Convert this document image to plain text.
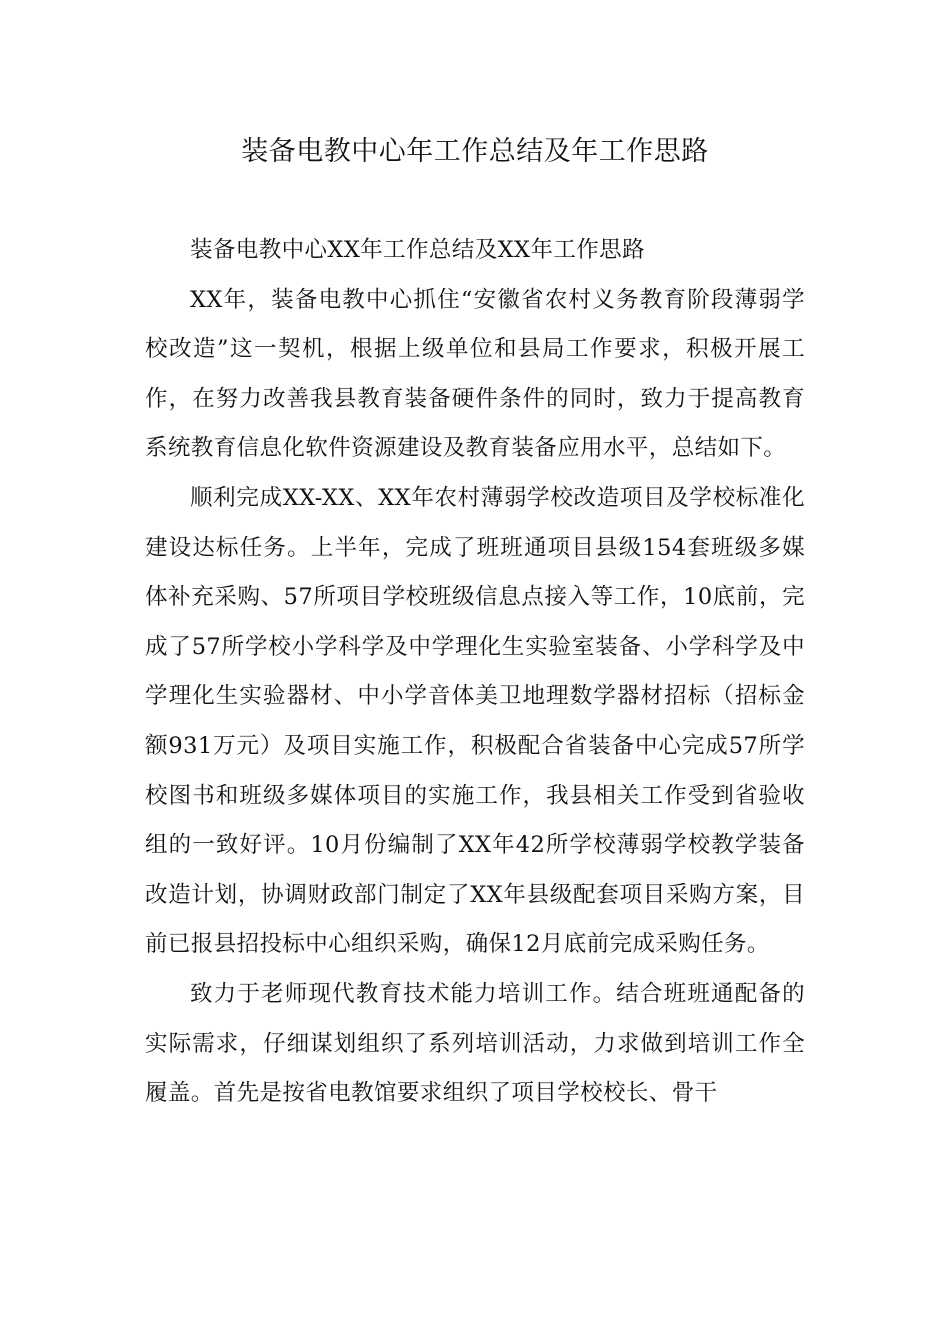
装备电教中心年工作总结及年工作思路

装备电教中心XX年工作总结及XX年工作思路

XX年，装备电教中心抓住“安徽省农村义务教育阶段薄弱学校改造”这一契机，根据上级单位和县局工作要求，积极开展工作，在努力改善我县教育装备硬件条件的同时，致力于提高教育系统教育信息化软件资源建设及教育装备应用水平，总结如下。

顺利完成XX-XX、XX年农村薄弱学校改造项目及学校标准化建设达标任务。上半年，完成了班班通项目县级154套班级多媒体补充采购、57所项目学校班级信息点接入等工作，10底前，完成了57所学校小学科学及中学理化生实验室装备、小学科学及中学理化生实验器材、中小学音体美卫地理数学器材招标（招标金额931万元）及项目实施工作，积极配合省装备中心完成57所学校图书和班级多媒体项目的实施工作，我县相关工作受到省验收组的一致好评。10月份编制了XX年42所学校薄弱学校教学装备改造计划，协调财政部门制定了XX年县级配套项目采购方案，目前已报县招投标中心组织采购，确保12月底前完成采购任务。

致力于老师现代教育技术能力培训工作。结合班班通配备的实际需求，仔细谋划组织了系列培训活动，力求做到培训工作全履盖。首先是按省电教馆要求组织了项目学校校长、骨干
